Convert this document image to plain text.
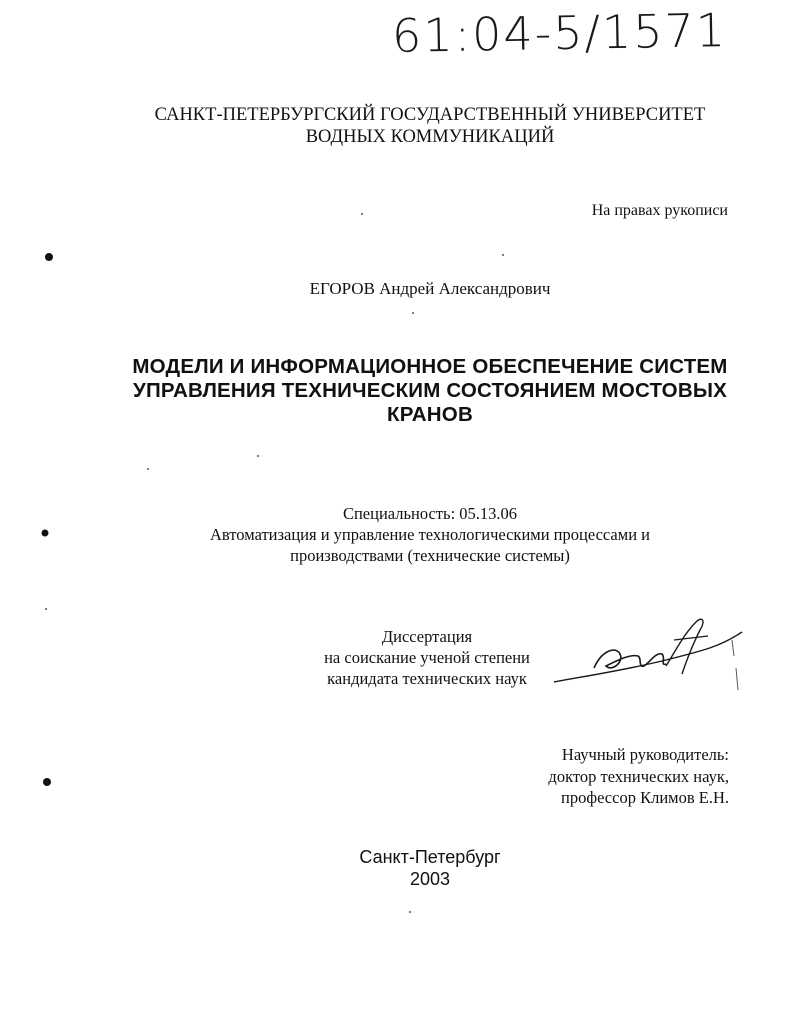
61:04-5/1571
САНКТ-ПЕТЕРБУРГСКИЙ ГОСУДАРСТВЕННЫЙ УНИВЕРСИТЕТ
ВОДНЫХ КОММУНИКАЦИЙ
На правах рукописи
ЕГОРОВ Андрей Александрович
МОДЕЛИ И ИНФОРМАЦИОННОЕ ОБЕСПЕЧЕНИЕ СИСТЕМ
УПРАВЛЕНИЯ ТЕХНИЧЕСКИМ СОСТОЯНИЕМ МОСТОВЫХ
КРАНОВ
Специальность: 05.13.06
Автоматизация и управление технологическими процессами и
производствами (технические системы)
Диссертация
на соискание ученой степени
кандидата технических наук
Научный руководитель:
доктор технических наук,
профессор Климов Е.Н.
Санкт-Петербург
2003
